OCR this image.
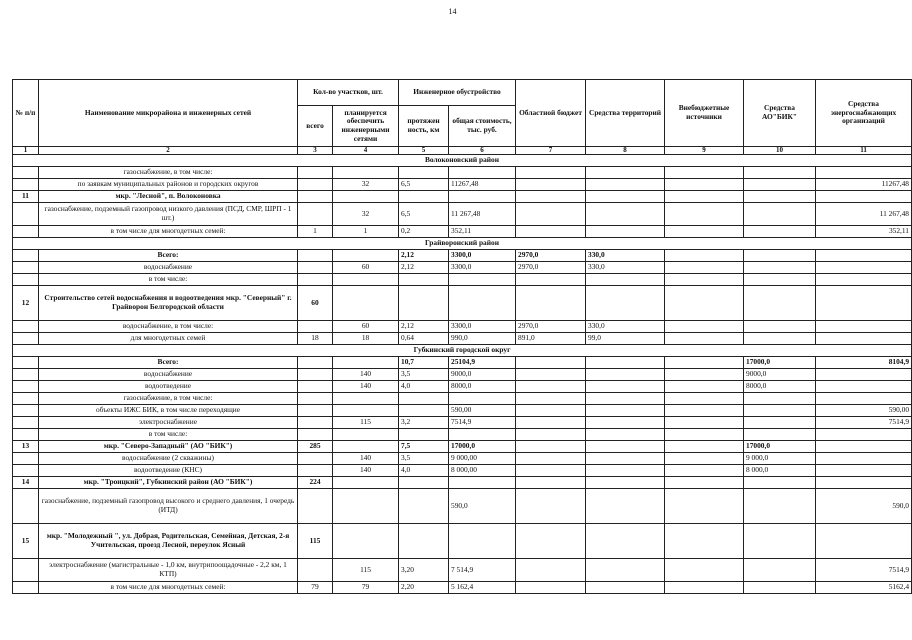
14
№ п/п	Наименование микрорайона и инженерных сетей	Кол-во участков, шт.		Инженерное обустройство		Областной бюджет	Средства территорий	Внебюджетные источники	Средства АО"БИК"	Средства энергоснабжающих организаций
		всего	планируется обеспечить инженерными сетями	протяжен ность, км	общая стоимость, тыс. руб.					
1	2	3	4	5	6	7	8	9	10	11
Волоконовский район										
	газоснабжение, в том числе:									
	по заявкам муниципальных районов и городских округов		32	6,5	11267,48					11267,48
11	мкр. "Лесной", п. Волоконовка									
	газоснабжение, подземный газопровод низкого давления (ПСД, СМР, ШРП - 1 шт.)		32	6,5	11 267,48					11 267,48
	в том числе для многодетных семей:	1	1	0,2	352,11					352,11
Грайворонский район										
	Всего:			2,12	3300,0	2970,0	330,0			
	водоснабжение		60	2,12	3300,0	2970,0	330,0			
	в том числе:									
12	Строительство сетей водоснабжения и водоотведения мкр. "Северный" г. Грайворон Белгородской области	60								
	водоснабжение, в том числе:		60	2,12	3300,0	2970,0	330,0			
	для многодетных семей	18	18	0,64	990,0	891,0	99,0			
Губкинский городской округ										
	Всего:			10,7	25104,9				17000,0	8104,9
	водоснабжение		140	3,5	9000,0				9000,0	
	водоотведение		140	4,0	8000,0				8000,0	
	газоснабжение, в том числе:									
	объекты ИЖС БИК, в том числе переходящие				590,00					590,00
	электроснабжение		115	3,2	7514,9					7514,9
	в том числе:									
13	мкр. "Северо-Западный" (АО "БИК")	285		7,5	17000,0				17000,0	
	водоснабжение (2 скважины)		140	3,5	9 000,00				9 000,0	
	водоотведение (КНС)		140	4,0	8 000,00				8 000,0	
14	мкр. "Троицкий", Губкинский район (АО "БИК")	224								
	газоснабжение, подземный газопровод высокого и среднего давления, 1 очередь (ИТД)				590,0					590,0
15	мкр. "Молодежный ", ул. Добрая, Родительская, Семейная, Детская, 2-я Учительская, проезд Лесной, переулок Ясный	115								
	электроснабжение (магистральные - 1,0 км, внутрипоощадочные - 2,2 км, 1 КТП)		115	3,20	7 514,9					7514,9
	в том числе для многодетных семей:	79	79	2,20	5 162,4					5162,4
